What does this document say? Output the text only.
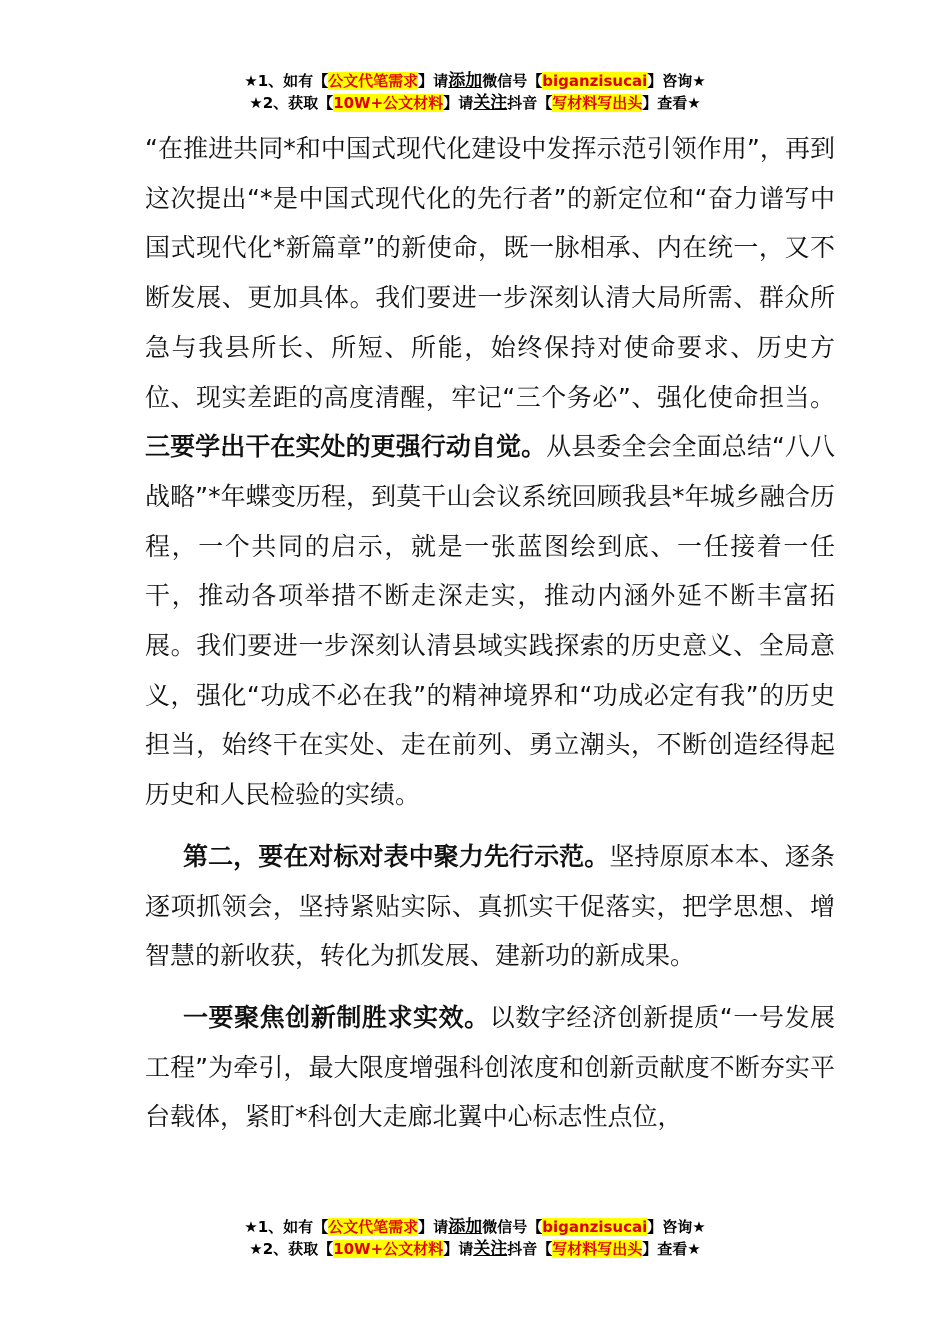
★1、如有【公文代笔需求】请添加微信号【biganzisucai】咨询★
★2、获取【10W+公文材料】请关注抖音【写材料写出头】查看★

“在推进共同*和中国式现代化建设中发挥示范引领作用”，再到这次提出“*是中国式现代化的先行者”的新定位和“奋力谱写中国式现代化*新篇章”的新使命，既一脉相承、内在统一，又不断发展、更加具体。我们要进一步深刻认清大局所需、群众所急与我县所长、所短、所能，始终保持对使命要求、历史方位、现实差距的高度清醒，牢记“三个务必”、强化使命担当。三要学出干在实处的更强行动自觉。从县委全会全面总结“八八战略”*年蝶变历程，到莫干山会议系统回顾我县*年城乡融合历程，一个共同的启示，就是一张蓝图绘到底、一任接着一任干，推动各项举措不断走深走实，推动内涵外延不断丰富拓展。我们要进一步深刻认清县域实践探索的历史意义、全局意义，强化“功成不必在我”的精神境界和“功成必定有我”的历史担当，始终干在实处、走在前列、勇立潮头，不断创造经得起历史和人民检验的实绩。

第二，要在对标对表中聚力先行示范。坚持原原本本、逐条逐项抓领会，坚持紧贴实际、真抓实干促落实，把学思想、增智慧的新收获，转化为抓发展、建新功的新成果。

一要聚焦创新制胜求实效。以数字经济创新提质“一号发展工程”为牵引，最大限度增强科创浓度和创新贡献度不断夯实平台载体，紧盯*科创大走廊北翼中心标志性点位，

★1、如有【公文代笔需求】请添加微信号【biganzisucai】咨询★
★2、获取【10W+公文材料】请关注抖音【写材料写出头】查看★
